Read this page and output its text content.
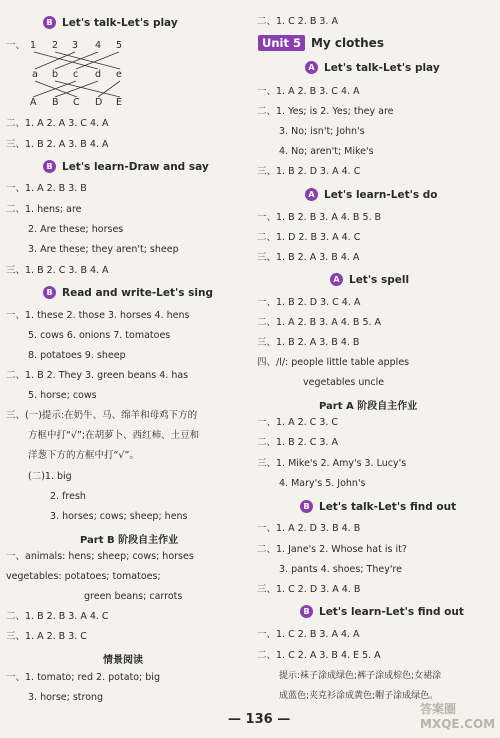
B Let's talk-Let's play
一、 1 2 3 4 5
a b c d e
A B C D E
二、1. A 2. A 3. C 4. A
三、1. B 2. A 3. B 4. A
B Let's learn-Draw and say
一、1. A 2. B 3. B
二、1. hens; are
2. Are these; horses
3. Are these; they aren't; sheep
三、1. B 2. C 3. B 4. A
B Read and write-Let's sing
一、1. these 2. those 3. horses 4. hens
5. cows 6. onions 7. tomatoes
8. potatoes 9. sheep
二、1. B 2. They 3. green beans 4. has
5. horse; cows
三、(一)提示:在奶牛、马、绵羊和母鸡下方的
方框中打“√”;在胡萝卜、西红柿、土豆和
洋葱下方的方框中打“√”。
(二)1. big
2. fresh
3. horses; cows; sheep; hens
Part B 阶段自主作业
一、animals: hens; sheep; cows; horses
vegetables: potatoes; tomatoes;
green beans; carrots
二、1. B 2. B 3. A 4. C
三、1. A 2. B 3. C
情景阅读
一、1. tomato; red 2. potato; big
3. horse; strong
二、1. C 2. B 3. A
Unit 5 My clothes
A Let's talk-Let's play
一、1. A 2. B 3. C 4. A
二、1. Yes; is 2. Yes; they are
3. No; isn't; John's
4. No; aren't; Mike's
三、1. B 2. D 3. A 4. C
A Let's learn-Let's do
一、1. B 2. B 3. A 4. B 5. B
二、1. D 2. B 3. A 4. C
三、1. B 2. A 3. B 4. A
A Let's spell
一、1. B 2. D 3. C 4. A
二、1. A 2. B 3. A 4. B 5. A
三、1. B 2. A 3. B 4. B
四、/l/: people little table apples
vegetables uncle
Part A 阶段自主作业
一、1. A 2. C 3. C
二、1. B 2. C 3. A
三、1. Mike's 2. Amy's 3. Lucy's
4. Mary's 5. John's
B Let's talk-Let's find out
一、1. A 2. D 3. B 4. B
二、1. Jane's 2. Whose hat is it?
3. pants 4. shoes; They're
三、1. C 2. D 3. A 4. B
B Let's learn-Let's find out
一、1. C 2. B 3. A 4. A
二、1. C 2. A 3. B 4. E 5. A
提示:袜子涂成绿色;裤子涂成棕色;女裙涂
成蓝色;夹克衫涂成黄色;帽子涂成绿色。
— 136 —
答案圈 MXQE.COM
